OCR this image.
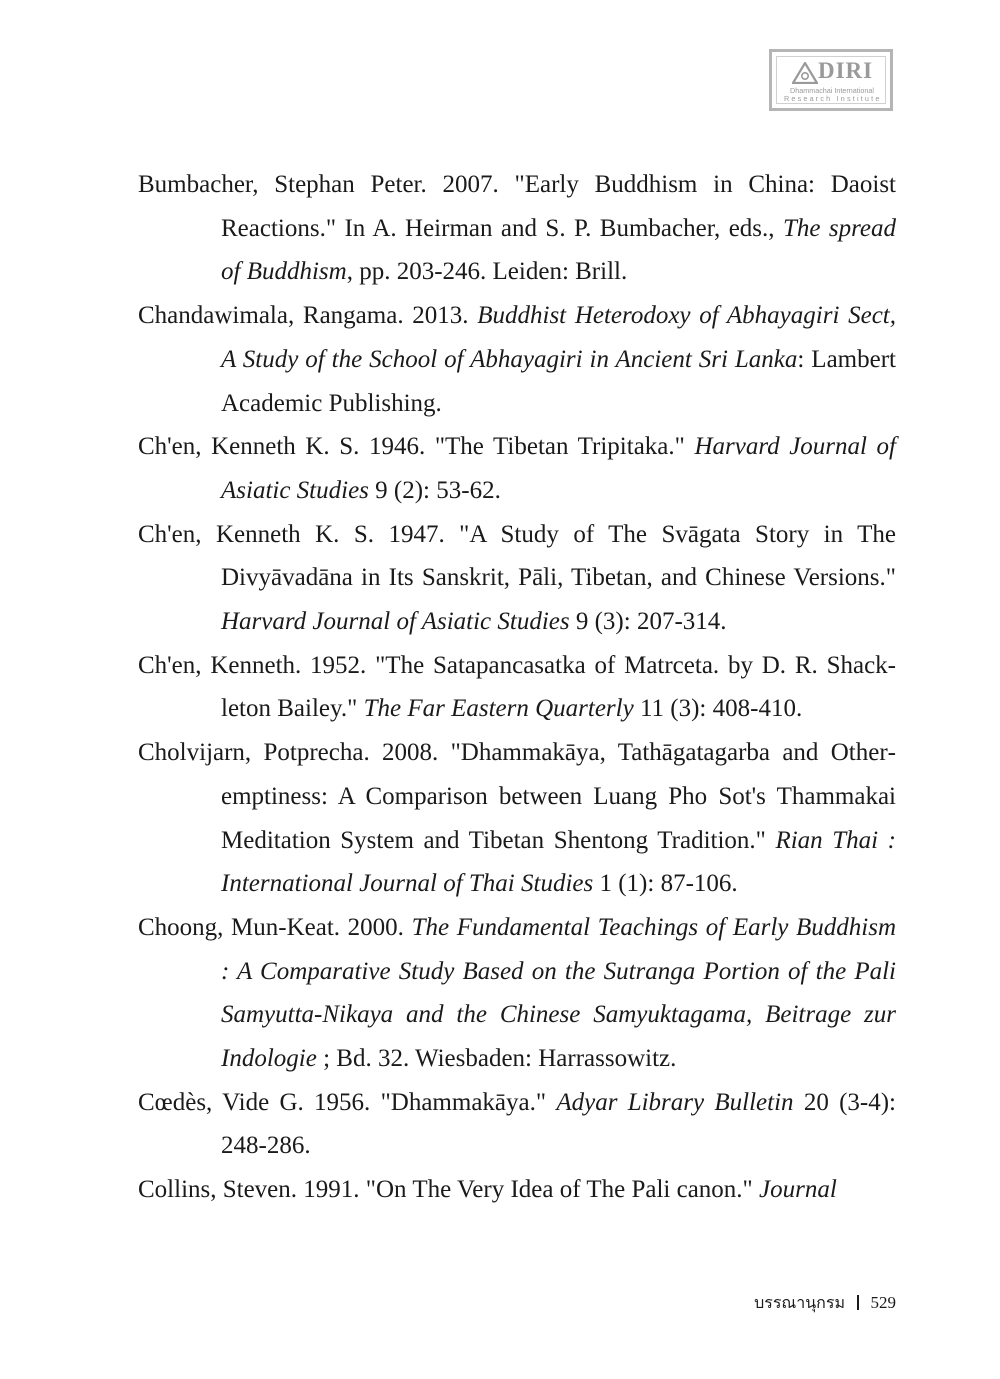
DIRI
Dhammachai International
Research Institute
Bumbacher, Stephan Peter. 2007. "Early Buddhism in China: Daoist Reactions." In A. Heirman and S. P. Bumbacher, eds., The spread of Buddhism, pp. 203-246. Leiden: Brill.
Chandawimala, Rangama. 2013. Buddhist Heterodoxy of Abhayagiri Sect, A Study of the School of Abhayagiri in Ancient Sri Lanka: Lambert Academic Publishing.
Ch'en, Kenneth K. S. 1946. "The Tibetan Tripitaka." Harvard Journal of Asiatic Studies 9 (2): 53-62.
Ch'en, Kenneth K. S. 1947. "A Study of The Svāgata Story in The Divyāvadāna in Its Sanskrit, Pāli, Tibetan, and Chinese Versions." Harvard Journal of Asiatic Studies 9 (3): 207-314.
Ch'en, Kenneth. 1952. "The Satapancasatka of Matrceta. by D. R. Shackleton Bailey." The Far Eastern Quarterly 11 (3): 408-410.
Cholvijarn, Potprecha. 2008. "Dhammakāya, Tathāgatagarba and Otheremptiness: A Comparison between Luang Pho Sot's Thammakai Meditation System and Tibetan Shentong Tradition." Rian Thai : International Journal of Thai Studies 1 (1): 87-106.
Choong, Mun-Keat. 2000. The Fundamental Teachings of Early Buddhism : A Comparative Study Based on the Sutranga Portion of the Pali Samyutta-Nikaya and the Chinese Samyuktagama, Beitrage zur Indologie ; Bd. 32. Wiesbaden: Harrassowitz.
Cœdès, Vide G. 1956. "Dhammakāya." Adyar Library Bulletin 20 (3-4): 248-286.
Collins, Steven. 1991. "On The Very Idea of The Pali canon." Journal
บรรณานุกรม 529
